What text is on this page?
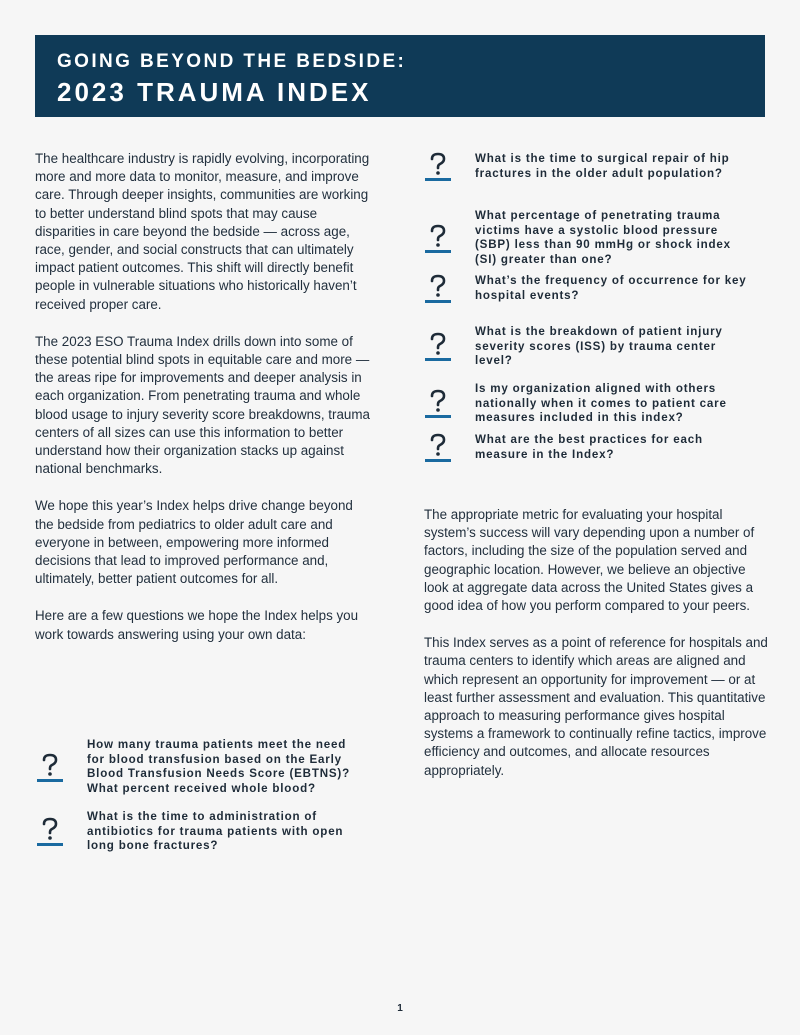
GOING BEYOND THE BEDSIDE:
2023 TRAUMA INDEX

The healthcare industry is rapidly evolving, incorporating more and more data to monitor, measure, and improve care. Through deeper insights, communities are working to better understand blind spots that may cause disparities in care beyond the bedside — across age, race, gender, and social constructs that can ultimately impact patient outcomes. This shift will directly benefit people in vulnerable situations who historically haven’t received proper care.

The 2023 ESO Trauma Index drills down into some of these potential blind spots in equitable care and more — the areas ripe for improvements and deeper analysis in each organization. From penetrating trauma and whole blood usage to injury severity score breakdowns, trauma centers of all sizes can use this information to better understand how their organization stacks up against national benchmarks.

We hope this year’s Index helps drive change beyond the bedside from pediatrics to older adult care and everyone in between, empowering more informed decisions that lead to improved performance and, ultimately, better patient outcomes for all.

Here are a few questions we hope the Index helps you work towards answering using your own data:

How many trauma patients meet the need for blood transfusion based on the Early Blood Transfusion Needs Score (EBTNS)? What percent received whole blood?
What is the time to administration of antibiotics for trauma patients with open long bone fractures?
What is the time to surgical repair of hip fractures in the older adult population?
What percentage of penetrating trauma victims have a systolic blood pressure (SBP) less than 90 mmHg or shock index (SI) greater than one?
What’s the frequency of occurrence for key hospital events?
What is the breakdown of patient injury severity scores (ISS) by trauma center level?
Is my organization aligned with others nationally when it comes to patient care measures included in this index?
What are the best practices for each measure in the Index?

The appropriate metric for evaluating your hospital system’s success will vary depending upon a number of factors, including the size of the population served and geographic location. However, we believe an objective look at aggregate data across the United States gives a good idea of how you perform compared to your peers.

This Index serves as a point of reference for hospitals and trauma centers to identify which areas are aligned and which represent an opportunity for improvement — or at least further assessment and evaluation. This quantitative approach to measuring performance gives hospital systems a framework to continually refine tactics, improve efficiency and outcomes, and allocate resources appropriately.

1
